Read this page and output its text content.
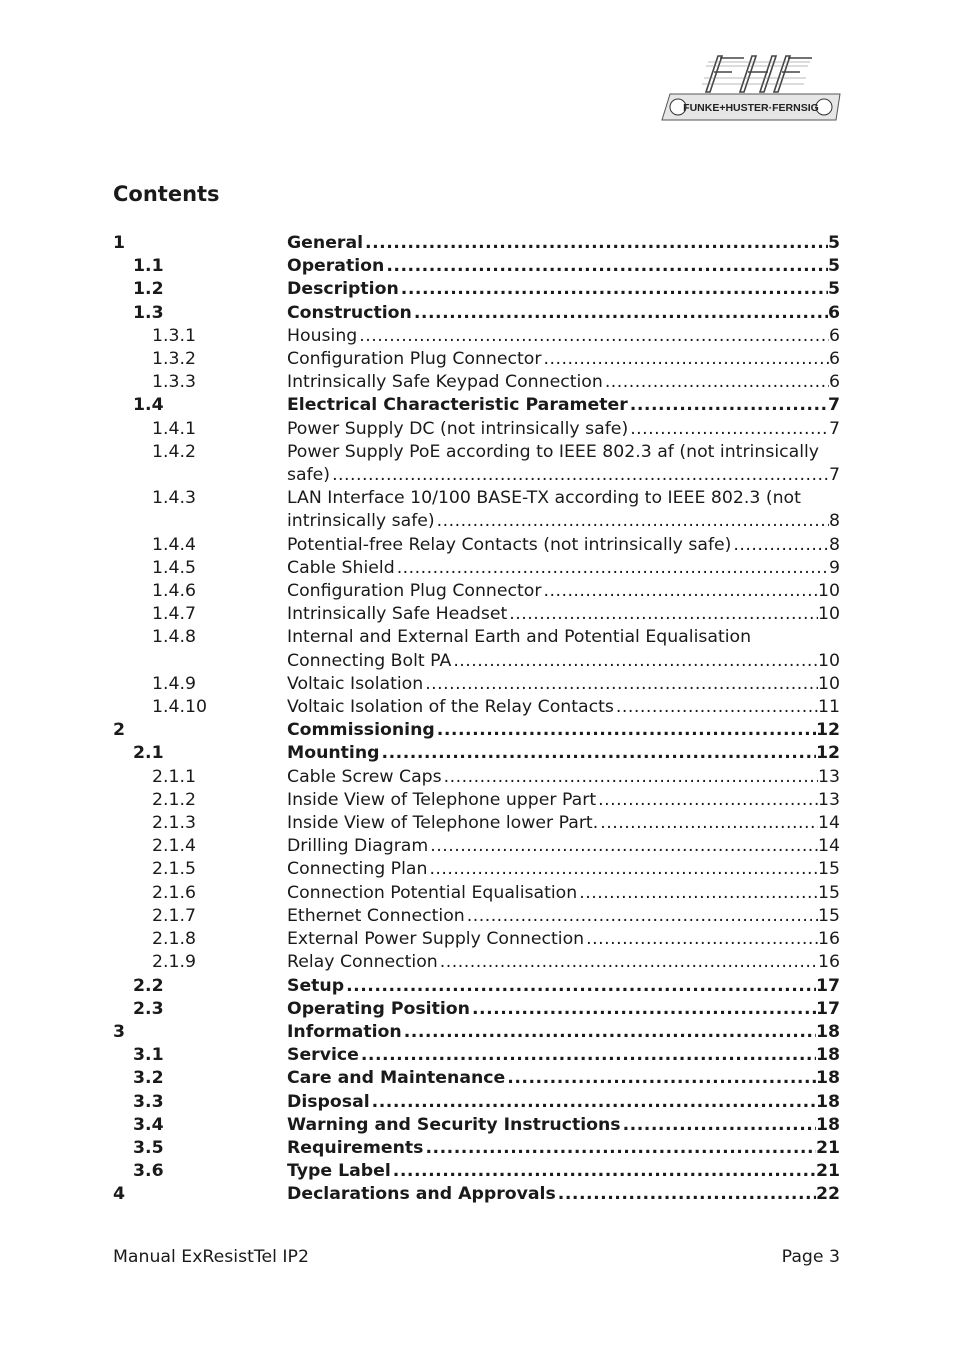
FUNKE+HUSTER·FERNSIG
Contents
1	General .....	5
1.1	Operation .....	5
1.2	Description .....	5
1.3	Construction .....	6
1.3.1	Housing .....	6
1.3.2	Configuration Plug Connector .....	6
1.3.3	Intrinsically Safe Keypad Connection .....	6
1.4	Electrical Characteristic Parameter .....	7
1.4.1	Power Supply DC (not intrinsically safe) .....	7
1.4.2	Power Supply PoE according to IEEE 802.3 af (not intrinsically
safe) .....	7
1.4.3	LAN Interface 10/100 BASE-TX according to IEEE 802.3 (not
intrinsically safe) .....	8
1.4.4	Potential-free Relay Contacts (not intrinsically safe) .....	8
1.4.5	Cable Shield .....	9
1.4.6	Configuration Plug Connector .....	10
1.4.7	Intrinsically Safe Headset .....	10
1.4.8	Internal and External Earth and Potential Equalisation
Connecting Bolt PA .....	10
1.4.9	Voltaic Isolation .....	10
1.4.10	Voltaic Isolation of the Relay Contacts .....	11
2	Commissioning .....	12
2.1	Mounting .....	12
2.1.1	Cable Screw Caps .....	13
2.1.2	Inside View of Telephone upper Part .....	13
2.1.3	Inside View of Telephone lower Part. .....	14
2.1.4	Drilling Diagram .....	14
2.1.5	Connecting Plan .....	15
2.1.6	Connection Potential Equalisation .....	15
2.1.7	Ethernet Connection .....	15
2.1.8	External Power Supply Connection .....	16
2.1.9	Relay Connection .....	16
2.2	Setup .....	17
2.3	Operating Position .....	17
3	Information .....	18
3.1	Service .....	18
3.2	Care and Maintenance .....	18
3.3	Disposal .....	18
3.4	Warning and Security Instructions .....	18
3.5	Requirements .....	21
3.6	Type Label .....	21
4	Declarations and Approvals .....	22
Manual ExResistTel IP2	Page 3
